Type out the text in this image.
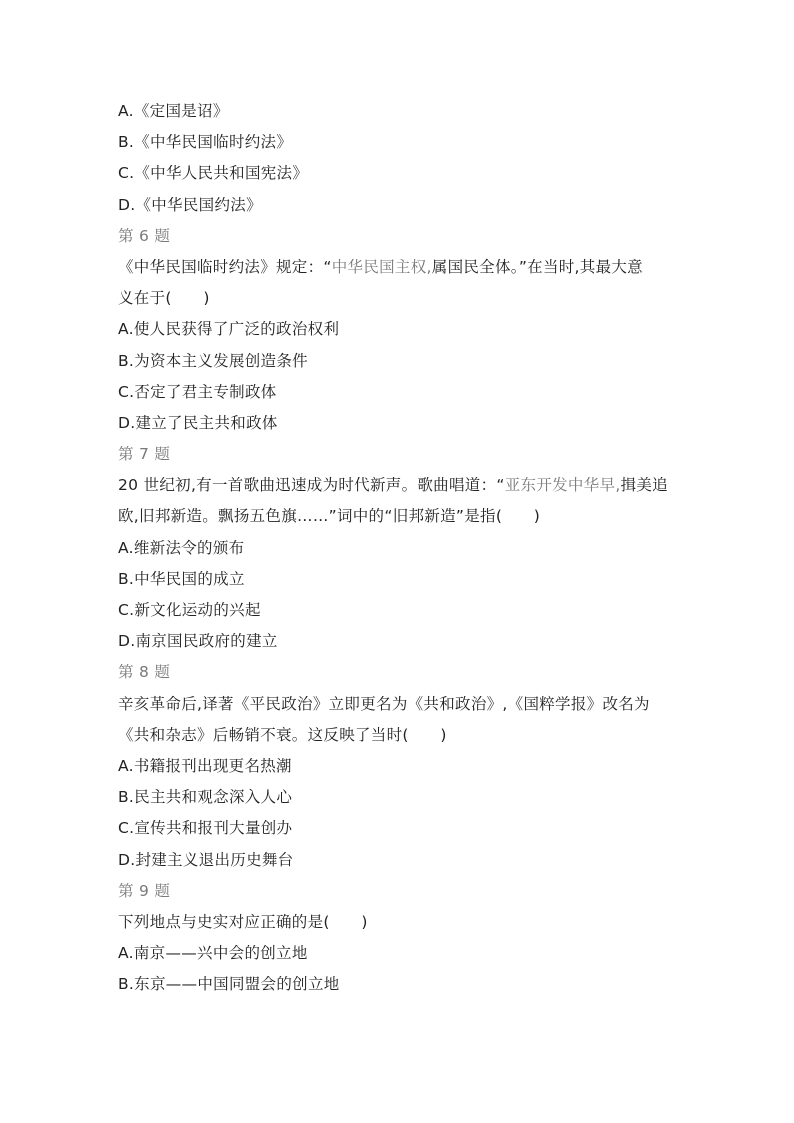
A.《定国是诏》
B.《中华民国临时约法》
C.《中华人民共和国宪法》
D.《中华民国约法》
第 6 题
《中华民国临时约法》规定：“中华民国主权,属国民全体。”在当时,其最大意
义在于(　　)
A.使人民获得了广泛的政治权利
B.为资本主义发展创造条件
C.否定了君主专制政体
D.建立了民主共和政体
第 7 题
20 世纪初,有一首歌曲迅速成为时代新声。歌曲唱道：“亚东开发中华早,揖美追
欧,旧邦新造。飘扬五色旗……”词中的“旧邦新造”是指(　　)
A.维新法令的颁布
B.中华民国的成立
C.新文化运动的兴起
D.南京国民政府的建立
第 8 题
辛亥革命后,译著《平民政治》立即更名为《共和政治》,《国粹学报》改名为
《共和杂志》后畅销不衰。这反映了当时(　　)
A.书籍报刊出现更名热潮
B.民主共和观念深入人心
C.宣传共和报刊大量创办
D.封建主义退出历史舞台
第 9 题
下列地点与史实对应正确的是(　　)
A.南京——兴中会的创立地
B.东京——中国同盟会的创立地
